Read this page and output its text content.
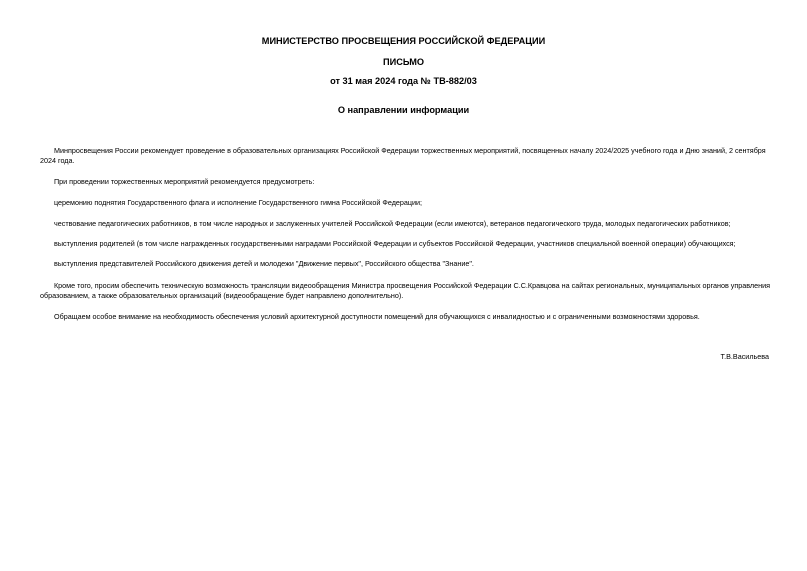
МИНИСТЕРСТВО ПРОСВЕЩЕНИЯ РОССИЙСКОЙ ФЕДЕРАЦИИ
ПИСЬМО
от 31 мая 2024 года № ТВ-882/03
О направлении информации
Минпросвещения России рекомендует проведение в образовательных организациях Российской Федерации торжественных мероприятий, посвященных началу 2024/2025 учебного года и Дню знаний, 2 сентября 2024 года.
При проведении торжественных мероприятий рекомендуется предусмотреть:
церемонию поднятия Государственного флага и исполнение Государственного гимна Российской Федерации;
чествование педагогических работников, в том числе народных и заслуженных учителей Российской Федерации (если имеются), ветеранов педагогического труда, молодых педагогических работников;
выступления родителей (в том числе награжденных государственными наградами Российской Федерации и субъектов Российской Федерации, участников специальной военной операции) обучающихся;
выступления представителей Российского движения детей и молодежи "Движение первых", Российского общества "Знание".
Кроме того, просим обеспечить техническую возможность трансляции видеообращения Министра просвещения Российской Федерации С.С.Кравцова на сайтах региональных, муниципальных органов управления образованием, а также образовательных организаций (видеообращение будет направлено дополнительно).
Обращаем особое внимание на необходимость обеспечения условий архитектурной доступности помещений для обучающихся с инвалидностью и с ограниченными возможностями здоровья.
Т.В.Васильева
